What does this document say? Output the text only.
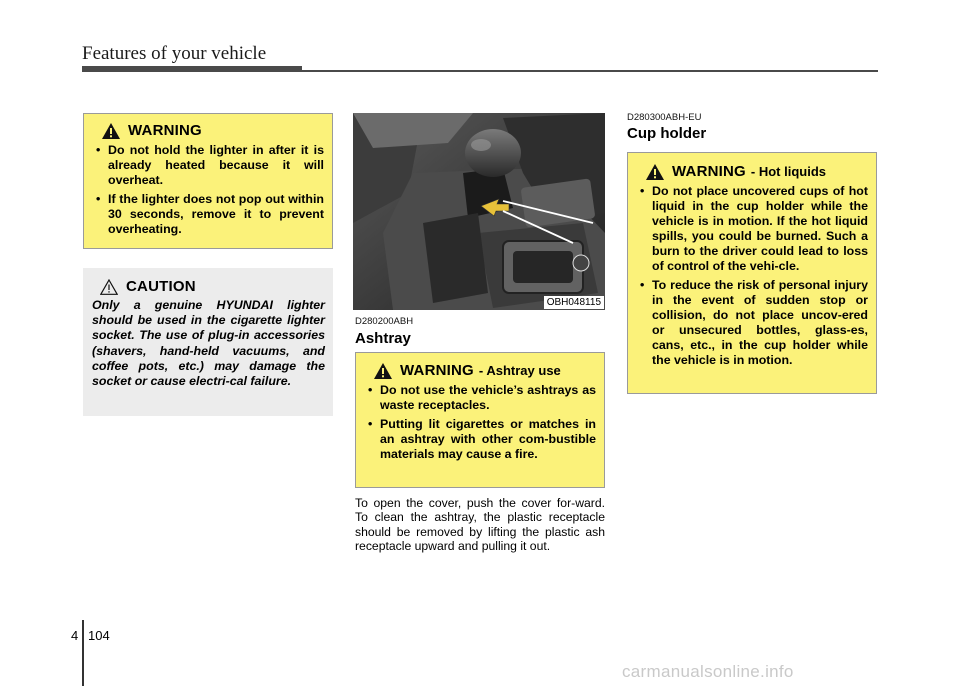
Features of your vehicle
WARNING
• Do not hold the lighter in after it is already heated because it will overheat.
• If the lighter does not pop out within 30 seconds, remove it to prevent overheating.
CAUTION
Only a genuine HYUNDAI lighter should be used in the cigarette lighter socket. The use of plug-in accessories (shavers, hand-held vacuums, and coffee pots, etc.) may damage the socket or cause electri-cal failure.
OBH048115
D280200ABH
Ashtray
WARNING - Ashtray use
• Do not use the vehicle’s ashtrays as waste receptacles.
• Putting lit cigarettes or matches in an ashtray with other com-bustible materials may cause a fire.
To open the cover, push the cover for-ward. To clean the ashtray, the plastic receptacle should be removed by lifting the plastic ash receptacle upward and pulling it out.
D280300ABH-EU
Cup holder
WARNING - Hot liquids
• Do not place uncovered cups of hot liquid in the cup holder while the vehicle is in motion. If the hot liquid spills, you could be burned. Such a burn to the driver could lead to loss of control of the vehi-cle.
• To reduce the risk of personal injury in the event of sudden stop or collision, do not place uncov-ered or unsecured bottles, glass-es, cans, etc., in the cup holder while the vehicle is in motion.
4 104
carmanualsonline.info
